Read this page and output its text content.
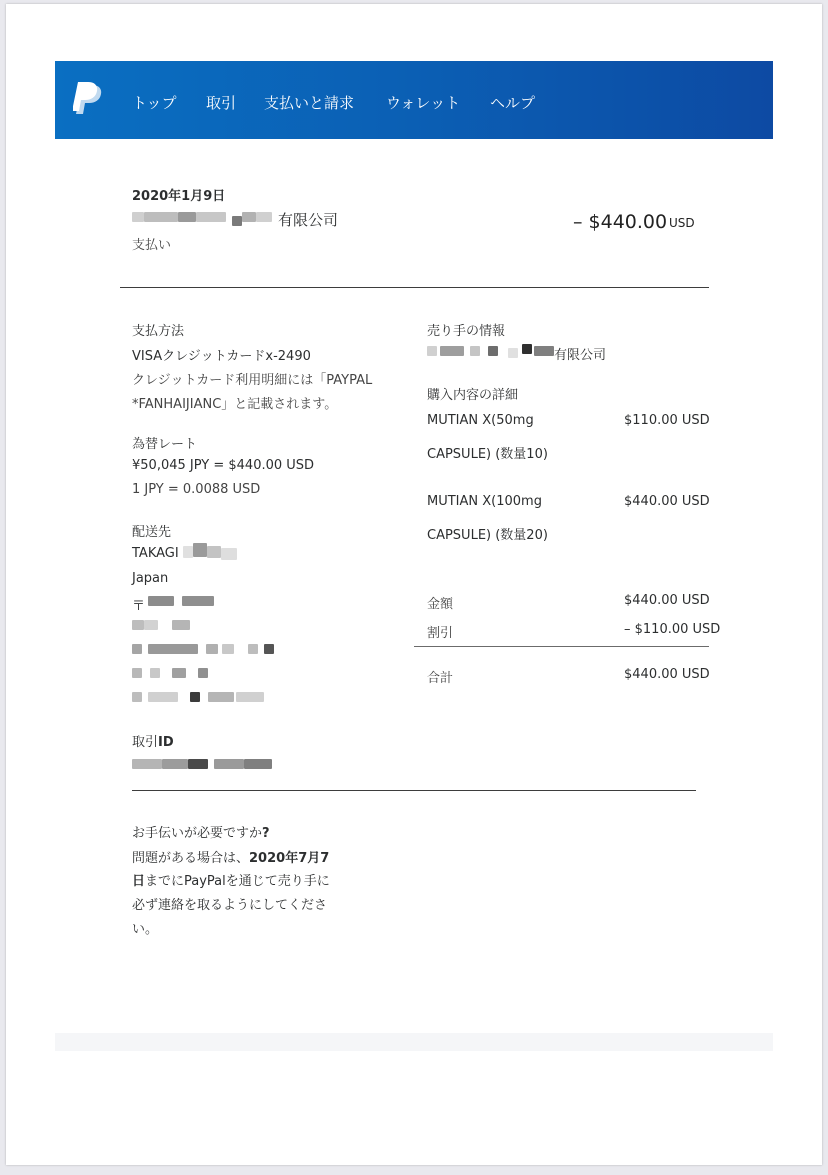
トップ 取引 支払いと請求 ウォレット ヘルプ
2020年1月9日
有限公司
支払い
– $440.00 USD
支払方法
VISAクレジットカードx-2490
クレジットカード利用明細には「PAYPAL
*FANHAIJIANC」と記載されます。
為替レート
¥50,045 JPY = $440.00 USD
1 JPY = 0.0088 USD
配送先
TAKAGI
Japan
〒
取引ID
売り手の情報
有限公司
購入内容の詳細
MUTIAN X(50mg
CAPSULE) (数量10)
$110.00 USD
MUTIAN X(100mg
CAPSULE) (数量20)
$440.00 USD
金額	$440.00 USD
割引	– $110.00 USD
合計	$440.00 USD
お手伝いが必要ですか?
問題がある場合は、2020年7月7
日までにPayPalを通じて売り手に
必ず連絡を取るようにしてくださ
い。
